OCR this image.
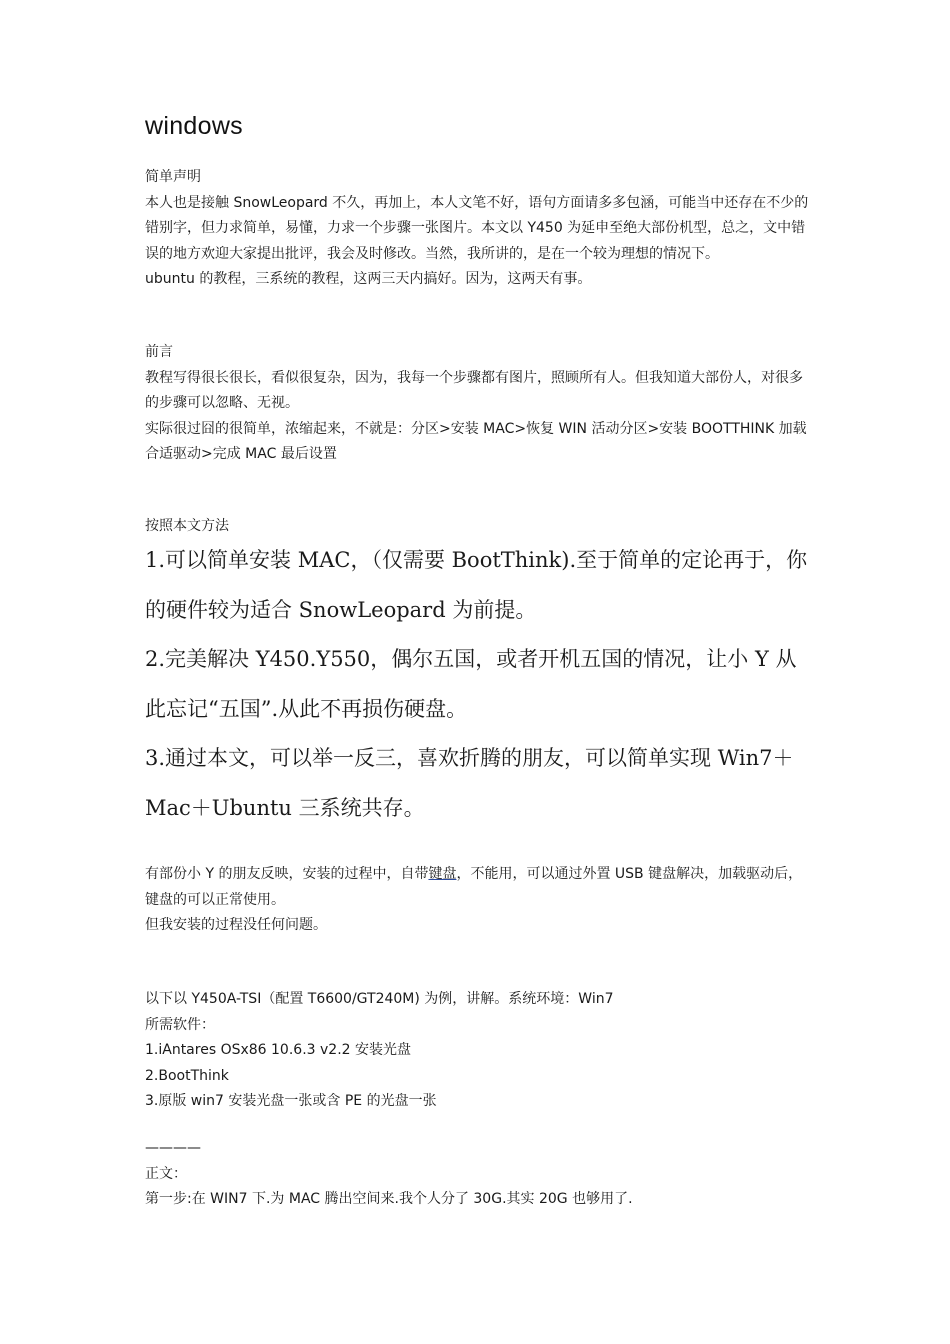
windows

简单声明

本人也是接触 SnowLeopard 不久，再加上，本人文笔不好，语句方面请多多包涵，可能当中还存在不少的错别字，但力求简单，易懂，力求一个步骤一张图片。本文以 Y450 为延申至绝大部份机型，总之，文中错误的地方欢迎大家提出批评，我会及时修改。当然，我所讲的，是在一个较为理想的情况下。

ubuntu 的教程，三系统的教程，这两三天内搞好。因为，这两天有事。

前言

教程写得很长很长，看似很复杂，因为，我每一个步骤都有图片，照顾所有人。但我知道大部份人，对很多的步骤可以忽略、无视。

实际很过囧的很简单，浓缩起来，不就是：分区>安装 MAC>恢复 WIN 活动分区>安装 BOOTTHINK 加载合适驱动>完成 MAC 最后设置

按照本文方法

1.可以简单安装 MAC，（仅需要 BootThink).至于简单的定论再于，你的硬件较为适合 SnowLeopard 为前提。

2.完美解决 Y450.Y550，偶尔五国，或者开机五国的情况，让小 Y 从此忘记“五国”.从此不再损伤硬盘。

3.通过本文，可以举一反三，喜欢折腾的朋友，可以简单实现 Win7＋Mac＋Ubuntu 三系统共存。

有部份小 Y 的朋友反映，安装的过程中，自带键盘，不能用，可以通过外置 USB 键盘解决，加载驱动后，键盘的可以正常使用。

但我安装的过程没任何问题。

以下以 Y450A-TSI（配置 T6600/GT240M) 为例，讲解。系统环境：Win7

所需软件：

1.iAntares OSx86 10.6.3 v2.2 安装光盘

2.BootThink

3.原版 win7 安装光盘一张或含 PE 的光盘一张

————

正文：

第一步:在 WIN7 下.为 MAC 腾出空间来.我个人分了 30G.其实 20G 也够用了.
